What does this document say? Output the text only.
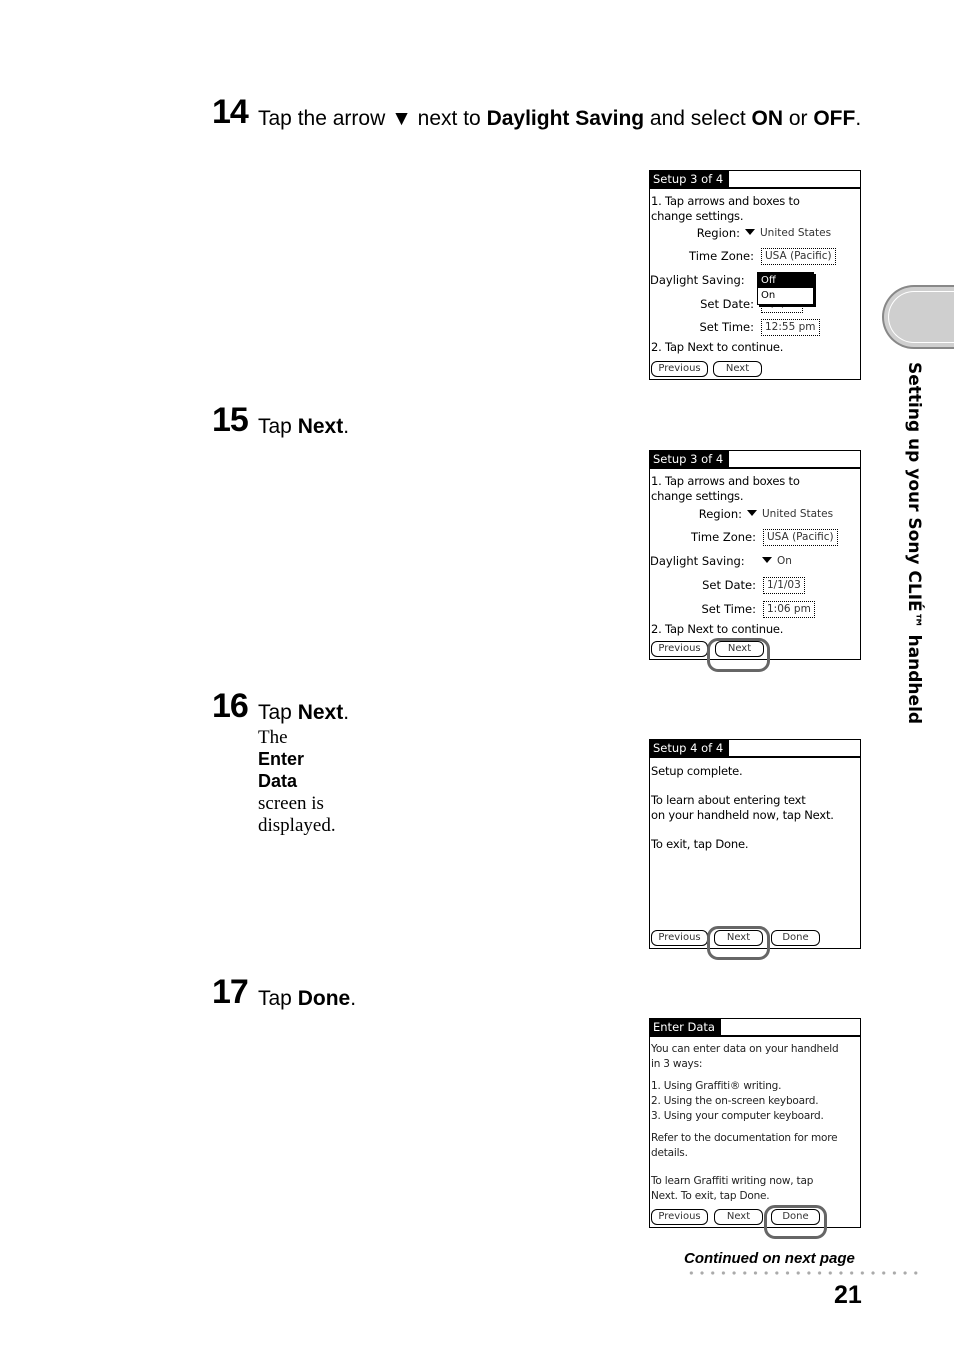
14 Tap the arrow ▼ next to Daylight Saving and select ON or OFF.
15 Tap Next.
16 Tap Next.
The Enter Data screen is displayed.
17 Tap Done.
Setup 3 of 4
1. Tap arrows and boxes to
change settings.
Region:	United States
Time Zone:	USA (Pacific)
Daylight Saving:
Set Date:
Set Time:	12:55 pm
2. Tap Next to continue.
Off
On
Previous	Next
Setup 3 of 4
1. Tap arrows and boxes to
change settings.
Region:	United States
Time Zone:	USA (Pacific)
Daylight Saving:	On
Set Date:	1/1/03
Set Time:	1:06 pm
2. Tap Next to continue.
Previous	Next
Setup 4 of 4
Setup complete.
To learn about entering text
on your handheld now, tap Next.
To exit, tap Done.
Previous	Next	Done
Enter Data
You can enter data on your handheld
in 3 ways:
1. Using Graffiti® writing.
2. Using the on-screen keyboard.
3. Using your computer keyboard.
Refer to the documentation for more
details.
To learn Graffiti writing now, tap
Next. To exit, tap Done.
Previous	Next	Done
Setting up your Sony CLIÉ™ handheld
Continued on next page
21
